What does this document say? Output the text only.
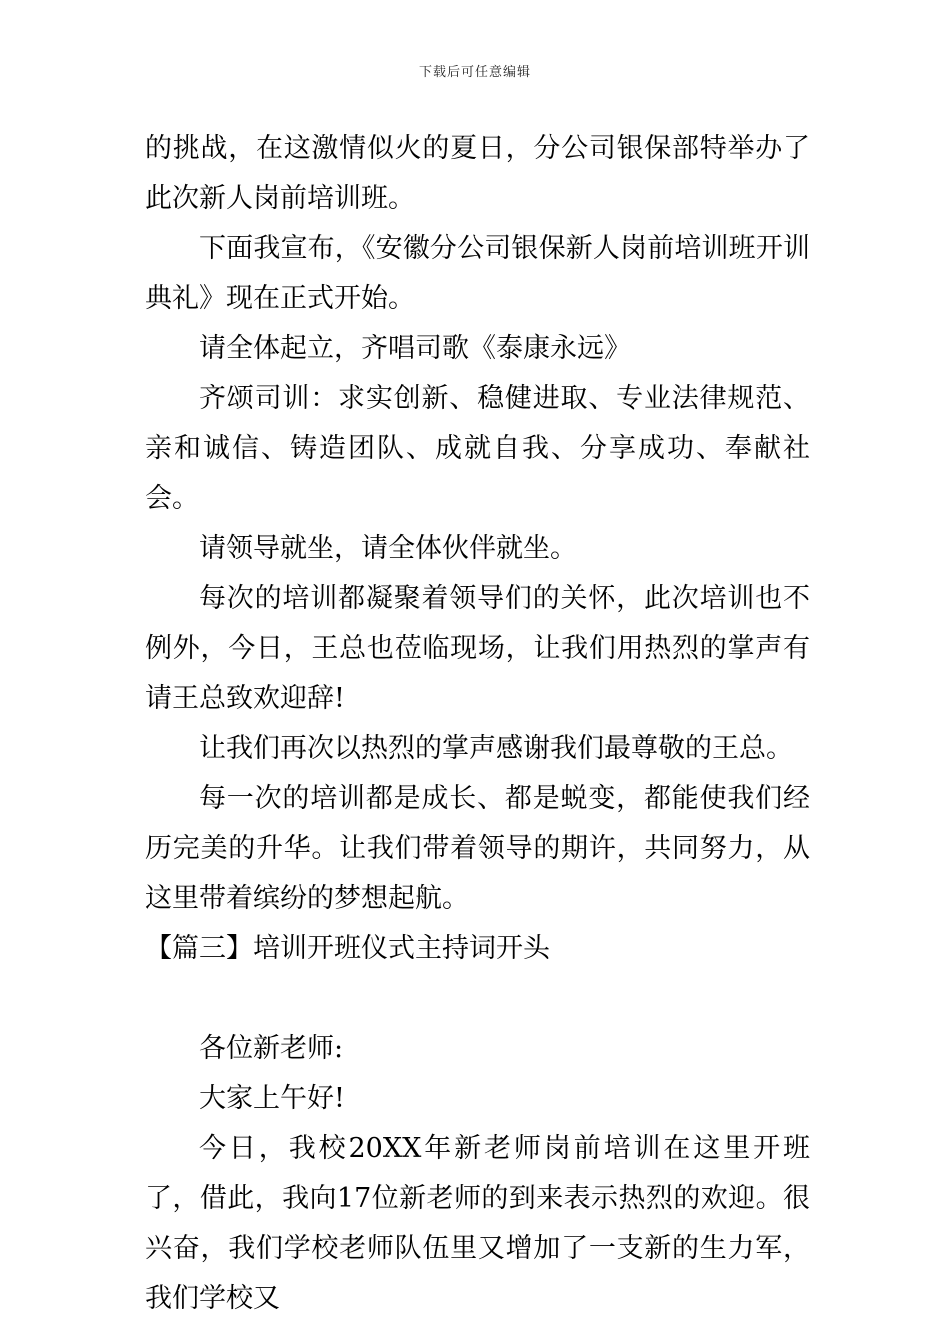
下载后可任意编辑

的挑战，在这激情似火的夏日，分公司银保部特举办了此次新人岗前培训班。

下面我宣布，《安徽分公司银保新人岗前培训班开训典礼》现在正式开始。

请全体起立，齐唱司歌《泰康永远》

齐颂司训：求实创新、稳健进取、专业法律规范、亲和诚信、铸造团队、成就自我、分享成功、奉献社会。

请领导就坐，请全体伙伴就坐。

每次的培训都凝聚着领导们的关怀，此次培训也不例外，今日，王总也莅临现场，让我们用热烈的掌声有请王总致欢迎辞!

让我们再次以热烈的掌声感谢我们最尊敬的王总。

每一次的培训都是成长、都是蜕变，都能使我们经历完美的升华。让我们带着领导的期许，共同努力，从这里带着缤纷的梦想起航。

【篇三】培训开班仪式主持词开头

各位新老师:

大家上午好!

今日，我校20XX年新老师岗前培训在这里开班了，借此，我向17位新老师的到来表示热烈的欢迎。很兴奋，我们学校老师队伍里又增加了一支新的生力军，我们学校又
